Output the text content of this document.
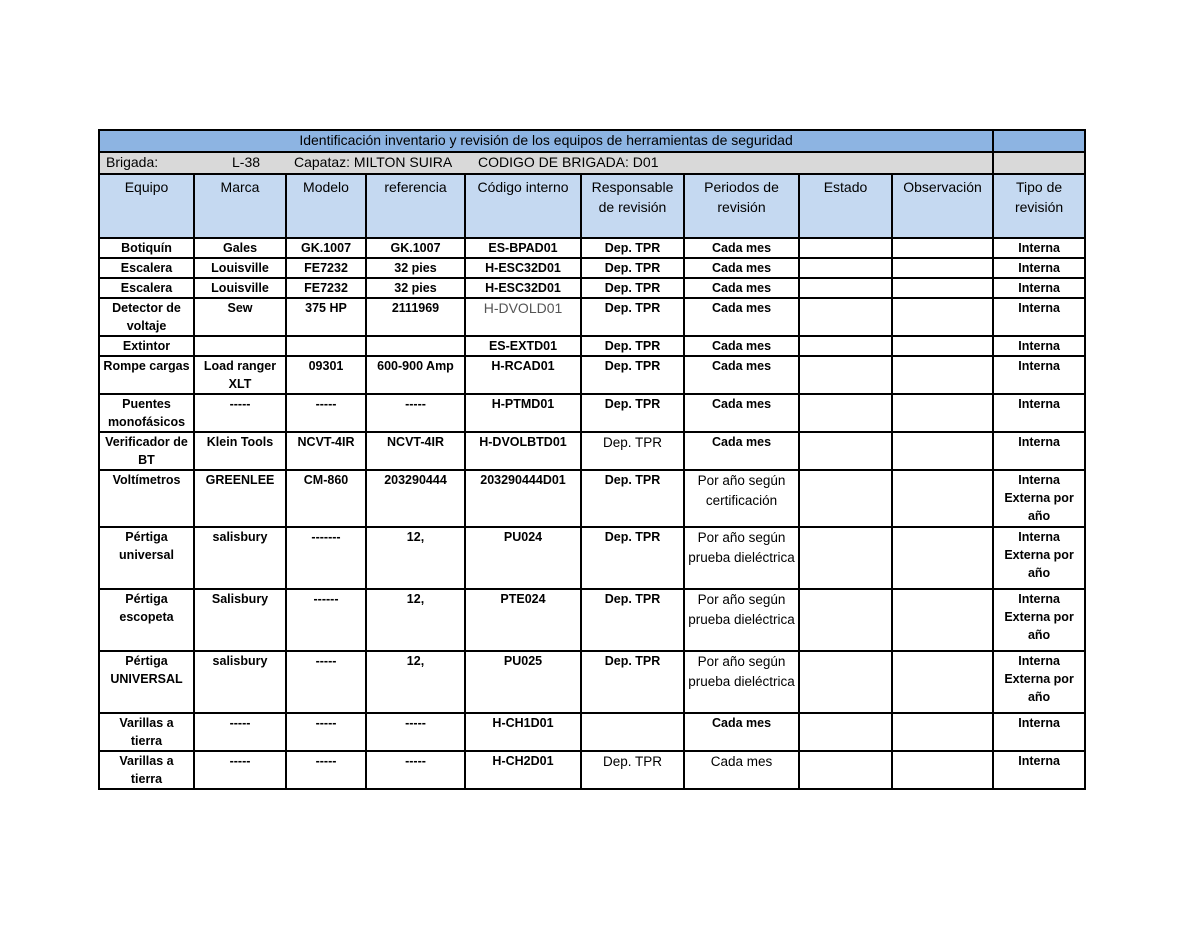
Identificación inventario y revisión de los equipos de herramientas de seguridad									
Brigada: L-38 Capataz: MILTON SUIRA CODIGO DE BRIGADA: D01									
Equipo	Marca	Modelo	referencia	Código interno	Responsable de revisión	Periodos de revisión	Estado	Observación	Tipo de revisión
Botiquín	Gales	GK.1007	GK.1007	ES-BPAD01	Dep. TPR	Cada mes			Interna
Escalera	Louisville	FE7232	32 pies	H-ESC32D01	Dep. TPR	Cada mes			Interna
Escalera	Louisville	FE7232	32 pies	H-ESC32D01	Dep. TPR	Cada mes			Interna
Detector de voltaje	Sew	375 HP	2111969	H-DVOLD01	Dep. TPR	Cada mes			Interna
Extintor				ES-EXTD01	Dep. TPR	Cada mes			Interna
Rompe cargas	Load ranger XLT	09301	600-900 Amp	H-RCAD01	Dep. TPR	Cada mes			Interna
Puentes monofásicos	-----	-----	-----	H-PTMD01	Dep. TPR	Cada mes			Interna
Verificador de BT	Klein Tools	NCVT-4IR	NCVT-4IR	H-DVOLBTD01	Dep. TPR	Cada mes			Interna
Voltímetros	GREENLEE	CM-860	203290444	203290444D01	Dep. TPR	Por año según certificación			Interna Externa por año
Pértiga universal	salisbury	-------	12,	PU024	Dep. TPR	Por año según prueba dieléctrica			Interna Externa por año
Pértiga escopeta	Salisbury	------	12,	PTE024	Dep. TPR	Por año según prueba dieléctrica			Interna Externa por año
Pértiga UNIVERSAL	salisbury	-----	12,	PU025	Dep. TPR	Por año según prueba dieléctrica			Interna Externa por año
Varillas a tierra	-----	-----	-----	H-CH1D01		Cada mes			Interna
Varillas a tierra	-----	-----	-----	H-CH2D01	Dep. TPR	Cada mes			Interna
